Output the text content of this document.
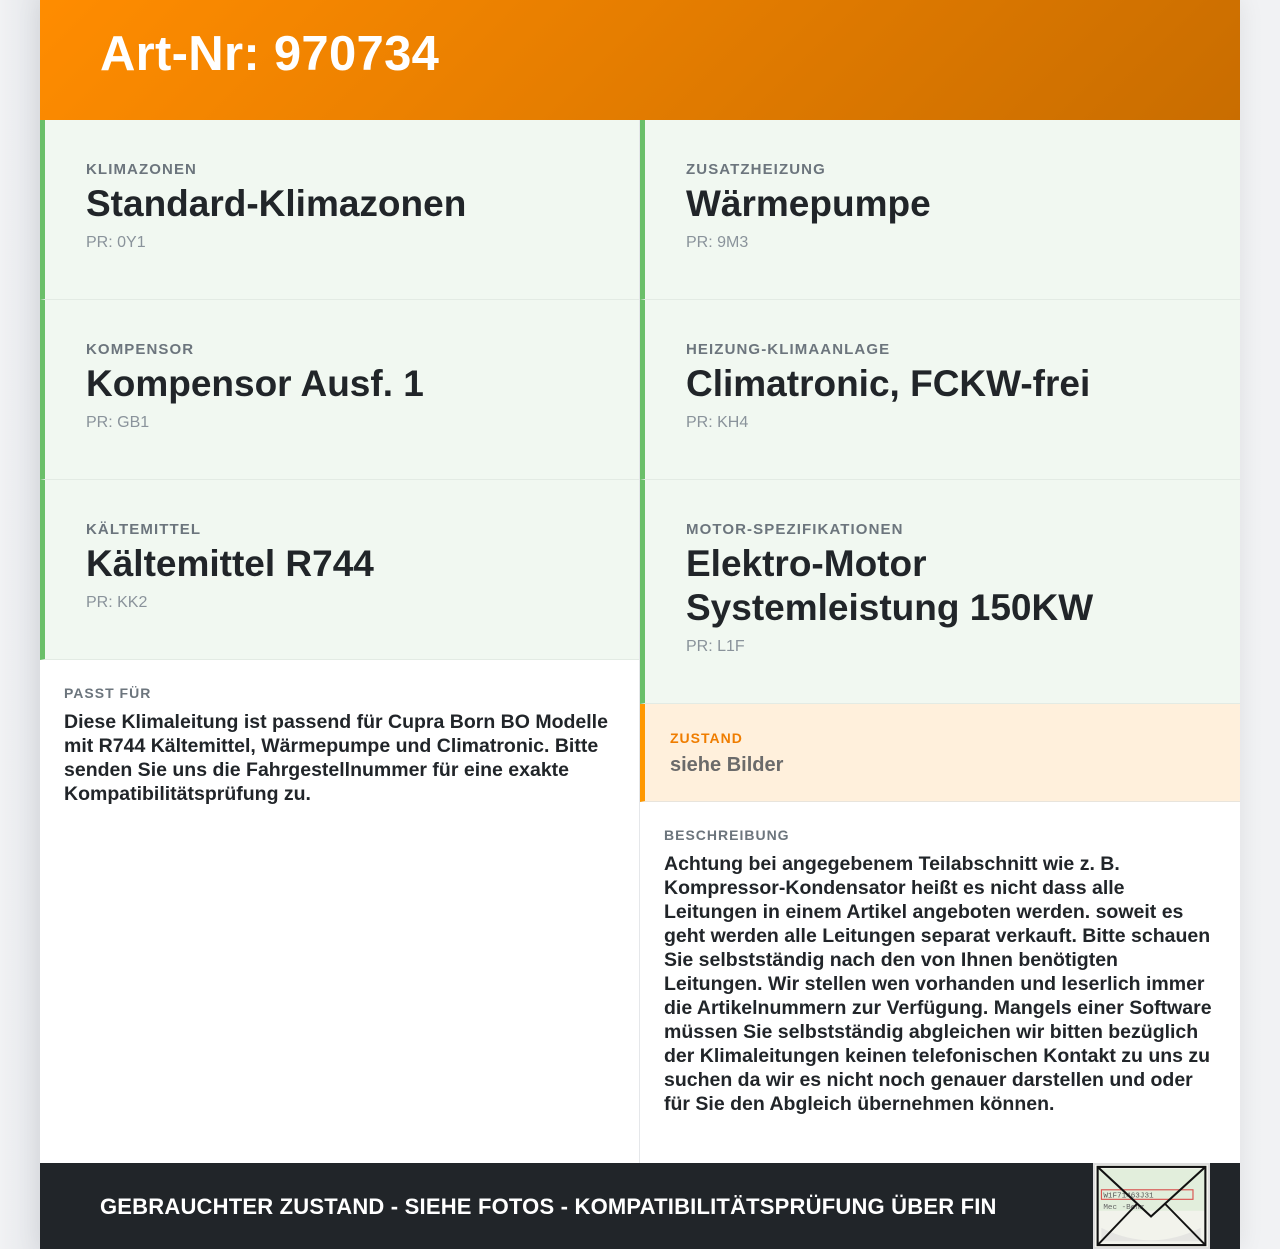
Art-Nr: 970734
KLIMAZONEN
Standard-Klimazonen
PR: 0Y1
KOMPENSOR
Kompensor Ausf. 1
PR: GB1
KÄLTEMITTEL
Kältemittel R744
PR: KK2
PASST FÜR
Diese Klimaleitung ist passend für Cupra Born BO Modelle mit R744 Kältemittel, Wärmepumpe und Climatronic. Bitte senden Sie uns die Fahrgestellnummer für eine exakte Kompatibilitätsprüfung zu.
ZUSATZHEIZUNG
Wärmepumpe
PR: 9M3
HEIZUNG-KLIMAANLAGE
Climatronic, FCKW-frei
PR: KH4
MOTOR-SPEZIFIKATIONEN
Elektro-Motor Systemleistung 150KW
PR: L1F
ZUSTAND
siehe Bilder
BESCHREIBUNG
Achtung bei angegebenem Teilabschnitt wie z. B. Kompressor-Kondensator heißt es nicht dass alle Leitungen in einem Artikel angeboten werden. soweit es geht werden alle Leitungen separat verkauft. Bitte schauen Sie selbstständig nach den von Ihnen benötigten Leitungen. Wir stellen wen vorhanden und leserlich immer die Artikelnummern zur Verfügung. Mangels einer Software müssen Sie selbstständig abgleichen wir bitten bezüglich der Klimaleitungen keinen telefonischen Kontakt zu uns zu suchen da wir es nicht noch genauer darstellen und oder für Sie den Abgleich übernehmen können.
GEBRAUCHTER ZUSTAND - SIEHE FOTOS - KOMPATIBILITÄTSPRÜFUNG ÜBER FIN	W1F71463J31
Mec -Benz
